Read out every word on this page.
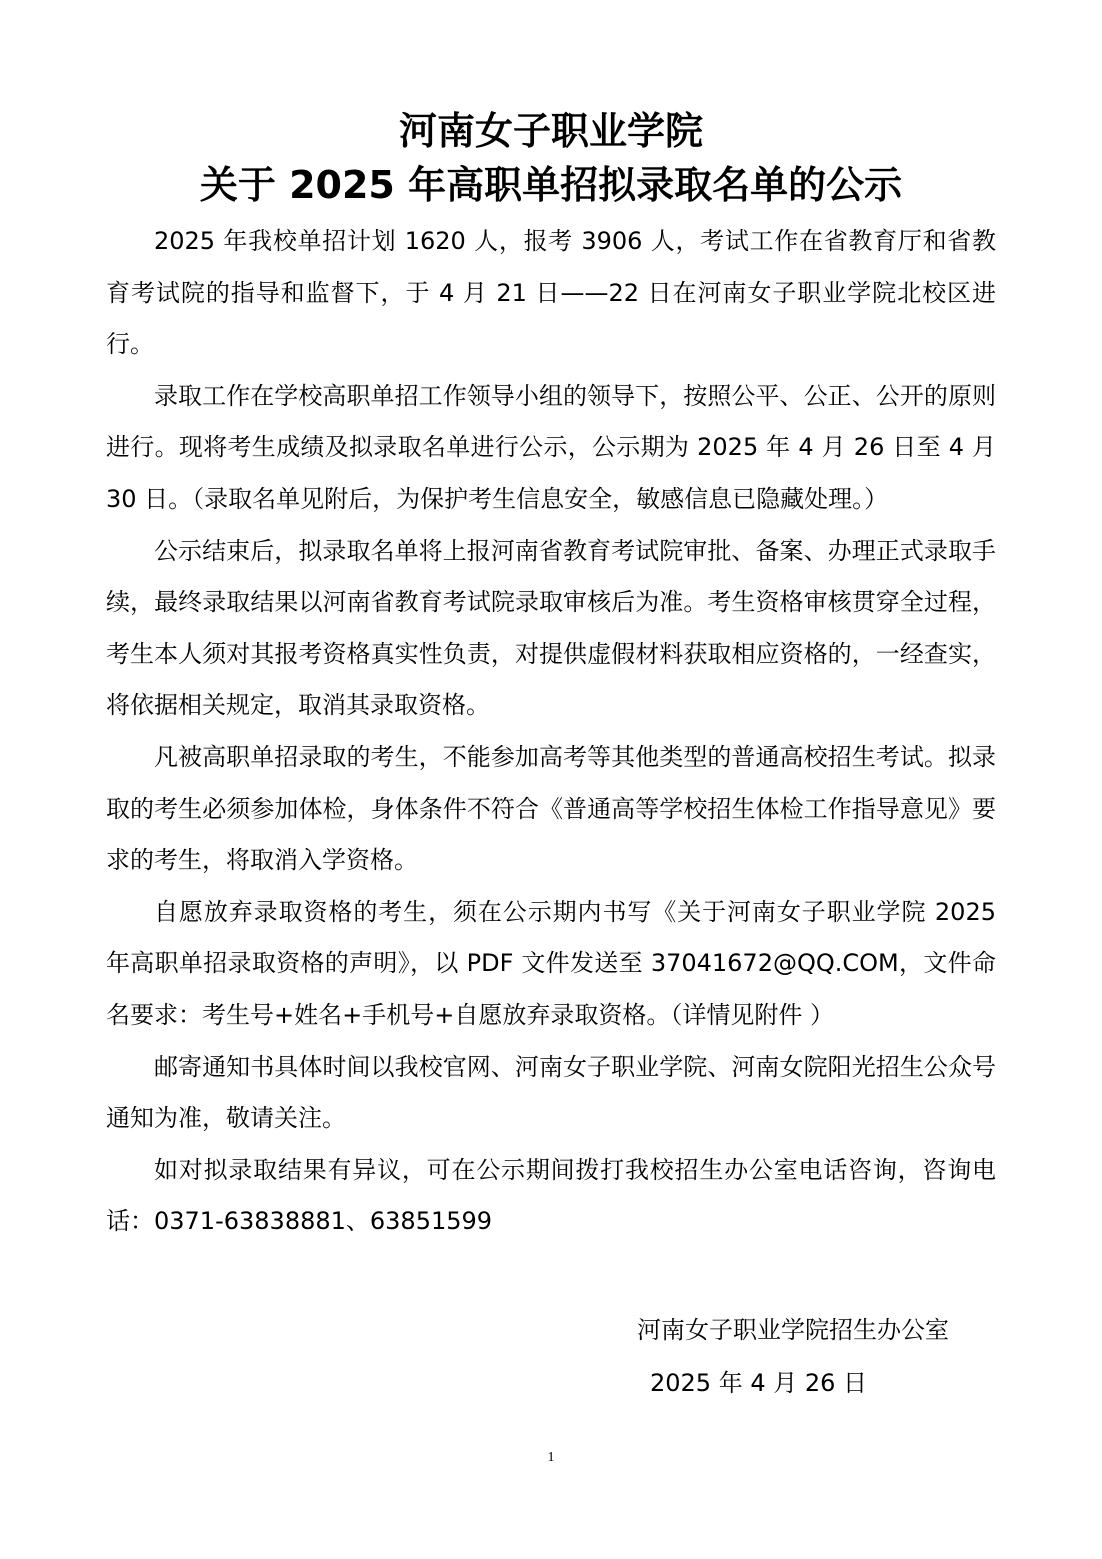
河南女子职业学院
关于 2025 年高职单招拟录取名单的公示

2025 年我校单招计划 1620 人，报考 3906 人，考试工作在省教育厅和省教育考试院的指导和监督下，于 4 月 21 日——22 日在河南女子职业学院北校区进行。

录取工作在学校高职单招工作领导小组的领导下，按照公平、公正、公开的原则进行。现将考生成绩及拟录取名单进行公示，公示期为 2025 年 4 月 26 日至 4 月 30 日。（录取名单见附后，为保护考生信息安全，敏感信息已隐藏处理。）

公示结束后，拟录取名单将上报河南省教育考试院审批、备案、办理正式录取手续，最终录取结果以河南省教育考试院录取审核后为准。考生资格审核贯穿全过程，考生本人须对其报考资格真实性负责，对提供虚假材料获取相应资格的，一经查实，将依据相关规定，取消其录取资格。

凡被高职单招录取的考生，不能参加高考等其他类型的普通高校招生考试。拟录取的考生必须参加体检，身体条件不符合《普通高等学校招生体检工作指导意见》要求的考生，将取消入学资格。

自愿放弃录取资格的考生，须在公示期内书写《关于河南女子职业学院 2025 年高职单招录取资格的声明》，以 PDF 文件发送至 37041672@QQ.COM，文件命名要求：考生号+姓名+手机号+自愿放弃录取资格。（详情见附件 ）

邮寄通知书具体时间以我校官网、河南女子职业学院、河南女院阳光招生公众号通知为准，敬请关注。

如对拟录取结果有异议，可在公示期间拨打我校招生办公室电话咨询，咨询电话：0371-63838881、63851599

河南女子职业学院招生办公室
2025 年 4 月 26 日
1
